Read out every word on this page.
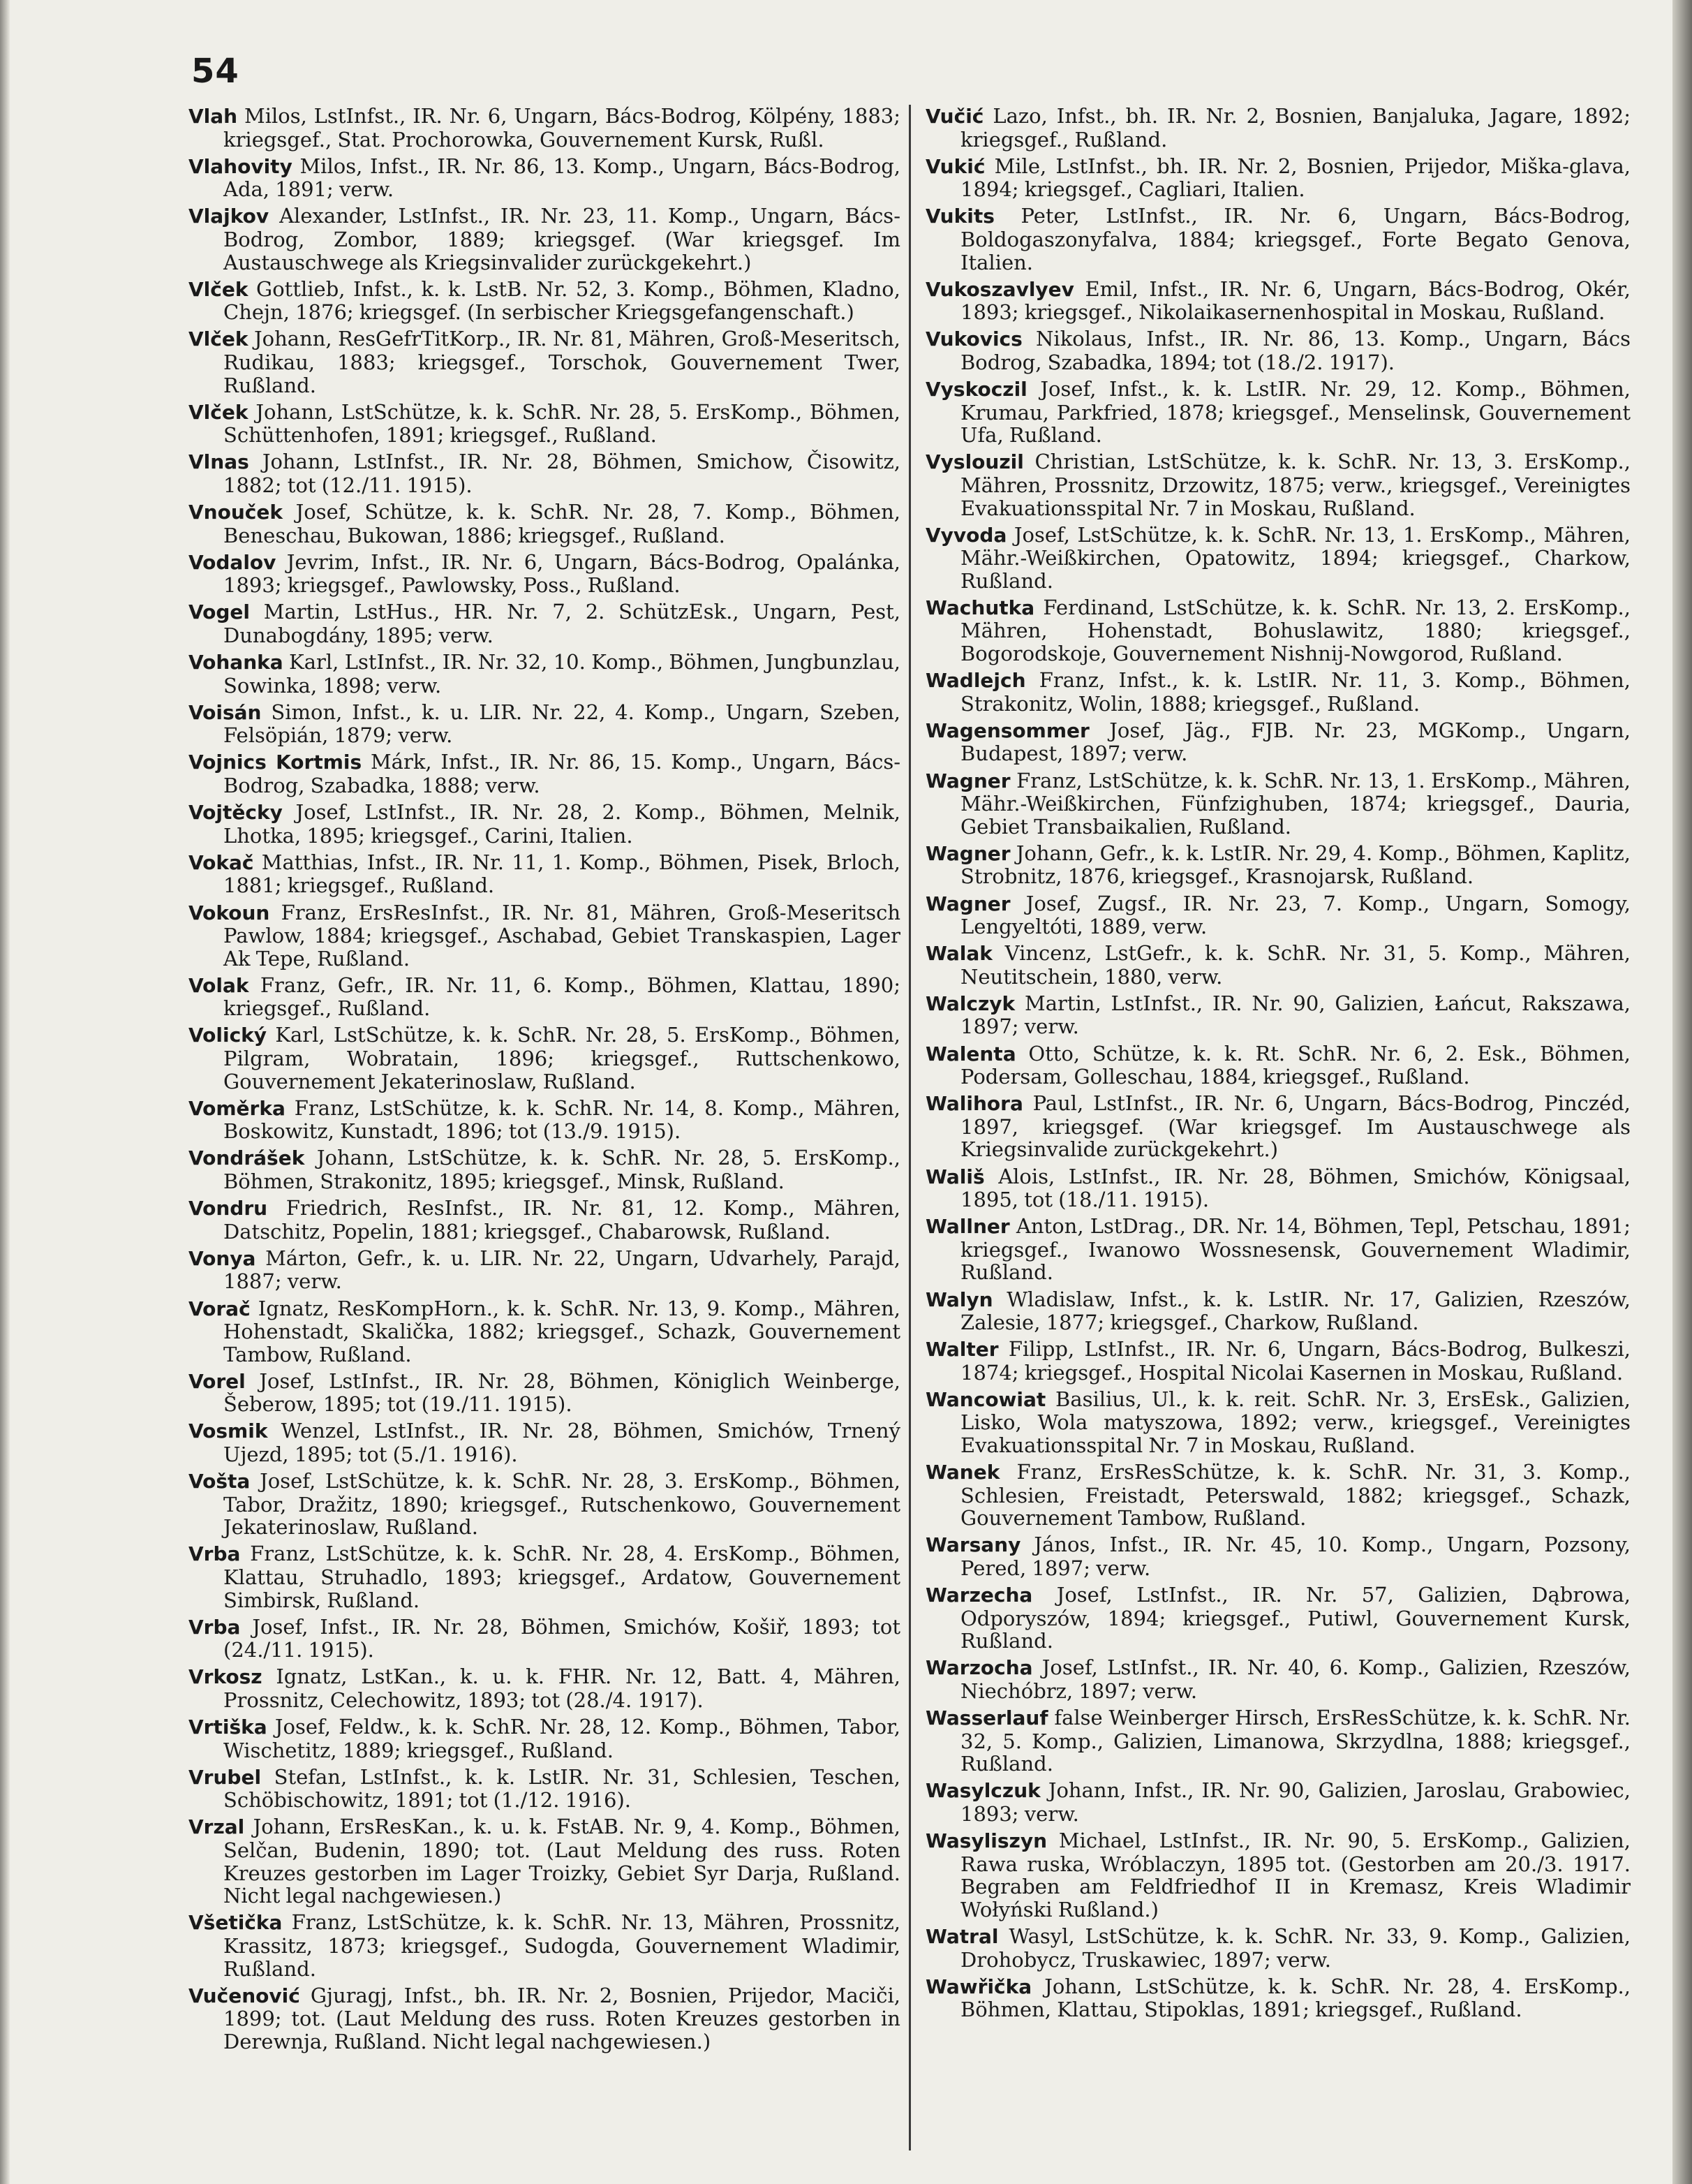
54

Vlah Milos, LstInfst., IR. Nr. 6, Ungarn, Bács-Bodrog, Kölpény, 1883; kriegsgef., Stat. Prochorowka, Gouvernement Kursk, Rußl.

Vlahovity Milos, Infst., IR. Nr. 86, 13. Komp., Ungarn, Bács-Bodrog, Ada, 1891; verw.

Vlajkov Alexander, LstInfst., IR. Nr. 23, 11. Komp., Ungarn, Bács-Bodrog, Zombor, 1889; kriegsgef. (War kriegsgef. Im Austauschwege als Kriegsinvalider zurückgekehrt.)

Vlček Gottlieb, Infst., k. k. LstB. Nr. 52, 3. Komp., Böhmen, Kladno, Chejn, 1876; kriegsgef. (In serbischer Kriegsgefangenschaft.)

Vlček Johann, ResGefrTitKorp., IR. Nr. 81, Mähren, Groß-Meseritsch, Rudikau, 1883; kriegsgef., Torschok, Gouvernement Twer, Rußland.

Vlček Johann, LstSchütze, k. k. SchR. Nr. 28, 5. ErsKomp., Böhmen, Schüttenhofen, 1891; kriegsgef., Rußland.

Vlnas Johann, LstInfst., IR. Nr. 28, Böhmen, Smichow, Čisowitz, 1882; tot (12./11. 1915).

Vnouček Josef, Schütze, k. k. SchR. Nr. 28, 7. Komp., Böhmen, Beneschau, Bukowan, 1886; kriegsgef., Rußland.

Vodalov Jevrim, Infst., IR. Nr. 6, Ungarn, Bács-Bodrog, Opalánka, 1893; kriegsgef., Pawlowsky, Poss., Rußland.

Vogel Martin, LstHus., HR. Nr. 7, 2. SchützEsk., Ungarn, Pest, Dunabogdány, 1895; verw.

Vohanka Karl, LstInfst., IR. Nr. 32, 10. Komp., Böhmen, Jungbunzlau, Sowinka, 1898; verw.

Voisán Simon, Infst., k. u. LIR. Nr. 22, 4. Komp., Ungarn, Szeben, Felsöpián, 1879; verw.

Vojnics Kortmis Márk, Infst., IR. Nr. 86, 15. Komp., Ungarn, Bács-Bodrog, Szabadka, 1888; verw.

Vojtěcky Josef, LstInfst., IR. Nr. 28, 2. Komp., Böhmen, Melnik, Lhotka, 1895; kriegsgef., Carini, Italien.

Vokač Matthias, Infst., IR. Nr. 11, 1. Komp., Böhmen, Pisek, Brloch, 1881; kriegsgef., Rußland.

Vokoun Franz, ErsResInfst., IR. Nr. 81, Mähren, Groß-Meseritsch Pawlow, 1884; kriegsgef., Aschabad, Gebiet Transkaspien, Lager Ak Tepe, Rußland.

Volak Franz, Gefr., IR. Nr. 11, 6. Komp., Böhmen, Klattau, 1890; kriegsgef., Rußland.

Volický Karl, LstSchütze, k. k. SchR. Nr. 28, 5. ErsKomp., Böhmen, Pilgram, Wobratain, 1896; kriegsgef., Ruttschenkowo, Gouvernement Jekaterinoslaw, Rußland.

Voměrka Franz, LstSchütze, k. k. SchR. Nr. 14, 8. Komp., Mähren, Boskowitz, Kunstadt, 1896; tot (13./9. 1915).

Vondrášek Johann, LstSchütze, k. k. SchR. Nr. 28, 5. ErsKomp., Böhmen, Strakonitz, 1895; kriegsgef., Minsk, Rußland.

Vondru Friedrich, ResInfst., IR. Nr. 81, 12. Komp., Mähren, Datschitz, Popelin, 1881; kriegsgef., Chabarowsk, Rußland.

Vonya Márton, Gefr., k. u. LIR. Nr. 22, Ungarn, Udvarhely, Parajd, 1887; verw.

Vorač Ignatz, ResKompHorn., k. k. SchR. Nr. 13, 9. Komp., Mähren, Hohenstadt, Skalička, 1882; kriegsgef., Schazk, Gouvernement Tambow, Rußland.

Vorel Josef, LstInfst., IR. Nr. 28, Böhmen, Königlich Weinberge, Šeberow, 1895; tot (19./11. 1915).

Vosmik Wenzel, LstInfst., IR. Nr. 28, Böhmen, Smichów, Trnený Ujezd, 1895; tot (5./1. 1916).

Vošta Josef, LstSchütze, k. k. SchR. Nr. 28, 3. ErsKomp., Böhmen, Tabor, Dražitz, 1890; kriegsgef., Rutschenkowo, Gouvernement Jekaterinoslaw, Rußland.

Vrba Franz, LstSchütze, k. k. SchR. Nr. 28, 4. ErsKomp., Böhmen, Klattau, Struhadlo, 1893; kriegsgef., Ardatow, Gouvernement Simbirsk, Rußland.

Vrba Josef, Infst., IR. Nr. 28, Böhmen, Smichów, Košiř, 1893; tot (24./11. 1915).

Vrkosz Ignatz, LstKan., k. u. k. FHR. Nr. 12, Batt. 4, Mähren, Prossnitz, Celechowitz, 1893; tot (28./4. 1917).

Vrtiška Josef, Feldw., k. k. SchR. Nr. 28, 12. Komp., Böhmen, Tabor, Wischetitz, 1889; kriegsgef., Rußland.

Vrubel Stefan, LstInfst., k. k. LstIR. Nr. 31, Schlesien, Teschen, Schöbischowitz, 1891; tot (1./12. 1916).

Vrzal Johann, ErsResKan., k. u. k. FstAB. Nr. 9, 4. Komp., Böhmen, Selčan, Budenin, 1890; tot. (Laut Meldung des russ. Roten Kreuzes gestorben im Lager Troizky, Gebiet Syr Darja, Rußland. Nicht legal nachgewiesen.)

Všetička Franz, LstSchütze, k. k. SchR. Nr. 13, Mähren, Prossnitz, Krassitz, 1873; kriegsgef., Sudogda, Gouvernement Wladimir, Rußland.

Vučenović Gjuragj, Infst., bh. IR. Nr. 2, Bosnien, Prijedor, Maciči, 1899; tot. (Laut Meldung des russ. Roten Kreuzes gestorben in Derewnja, Rußland. Nicht legal nachgewiesen.)

Vučić Lazo, Infst., bh. IR. Nr. 2, Bosnien, Banjaluka, Jagare, 1892; kriegsgef., Rußland.

Vukić Mile, LstInfst., bh. IR. Nr. 2, Bosnien, Prijedor, Miška-glava, 1894; kriegsgef., Cagliari, Italien.

Vukits Peter, LstInfst., IR. Nr. 6, Ungarn, Bács-Bodrog, Boldogaszonyfalva, 1884; kriegsgef., Forte Begato Genova, Italien.

Vukoszavlyev Emil, Infst., IR. Nr. 6, Ungarn, Bács-Bodrog, Okér, 1893; kriegsgef., Nikolaikasernenhospital in Moskau, Rußland.

Vukovics Nikolaus, Infst., IR. Nr. 86, 13. Komp., Ungarn, Bács Bodrog, Szabadka, 1894; tot (18./2. 1917).

Vyskoczil Josef, Infst., k. k. LstIR. Nr. 29, 12. Komp., Böhmen, Krumau, Parkfried, 1878; kriegsgef., Menselinsk, Gouvernement Ufa, Rußland.

Vyslouzil Christian, LstSchütze, k. k. SchR. Nr. 13, 3. ErsKomp., Mähren, Prossnitz, Drzowitz, 1875; verw., kriegsgef., Vereinigtes Evakuationsspital Nr. 7 in Moskau, Rußland.

Vyvoda Josef, LstSchütze, k. k. SchR. Nr. 13, 1. ErsKomp., Mähren, Mähr.-Weißkirchen, Opatowitz, 1894; kriegsgef., Charkow, Rußland.

Wachutka Ferdinand, LstSchütze, k. k. SchR. Nr. 13, 2. ErsKomp., Mähren, Hohenstadt, Bohuslawitz, 1880; kriegsgef., Bogorodskoje, Gouvernement Nishnij-Nowgorod, Rußland.

Wadlejch Franz, Infst., k. k. LstIR. Nr. 11, 3. Komp., Böhmen, Strakonitz, Wolin, 1888; kriegsgef., Rußland.

Wagensommer Josef, Jäg., FJB. Nr. 23, MGKomp., Ungarn, Budapest, 1897; verw.

Wagner Franz, LstSchütze, k. k. SchR. Nr. 13, 1. ErsKomp., Mähren, Mähr.-Weißkirchen, Fünfzighuben, 1874; kriegsgef., Dauria, Gebiet Transbaikalien, Rußland.

Wagner Johann, Gefr., k. k. LstIR. Nr. 29, 4. Komp., Böhmen, Kaplitz, Strobnitz, 1876, kriegsgef., Krasnojarsk, Rußland.

Wagner Josef, Zugsf., IR. Nr. 23, 7. Komp., Ungarn, Somogy, Lengyeltóti, 1889, verw.

Walak Vincenz, LstGefr., k. k. SchR. Nr. 31, 5. Komp., Mähren, Neutitschein, 1880, verw.

Walczyk Martin, LstInfst., IR. Nr. 90, Galizien, Łańcut, Rakszawa, 1897; verw.

Walenta Otto, Schütze, k. k. Rt. SchR. Nr. 6, 2. Esk., Böhmen, Podersam, Golleschau, 1884, kriegsgef., Rußland.

Walihora Paul, LstInfst., IR. Nr. 6, Ungarn, Bács-Bodrog, Pinczéd, 1897, kriegsgef. (War kriegsgef. Im Austauschwege als Kriegsinvalide zurückgekehrt.)

Wališ Alois, LstInfst., IR. Nr. 28, Böhmen, Smichów, Königsaal, 1895, tot (18./11. 1915).

Wallner Anton, LstDrag., DR. Nr. 14, Böhmen, Tepl, Petschau, 1891; kriegsgef., Iwanowo Wossnesensk, Gouvernement Wladimir, Rußland.

Walyn Wladislaw, Infst., k. k. LstIR. Nr. 17, Galizien, Rzeszów, Zalesie, 1877; kriegsgef., Charkow, Rußland.

Walter Filipp, LstInfst., IR. Nr. 6, Ungarn, Bács-Bodrog, Bulkeszi, 1874; kriegsgef., Hospital Nicolai Kasernen in Moskau, Rußland.

Wancowiat Basilius, Ul., k. k. reit. SchR. Nr. 3, ErsEsk., Galizien, Lisko, Wola matyszowa, 1892; verw., kriegsgef., Vereinigtes Evakuationsspital Nr. 7 in Moskau, Rußland.

Wanek Franz, ErsResSchütze, k. k. SchR. Nr. 31, 3. Komp., Schlesien, Freistadt, Peterswald, 1882; kriegsgef., Schazk, Gouvernement Tambow, Rußland.

Warsany János, Infst., IR. Nr. 45, 10. Komp., Ungarn, Pozsony, Pered, 1897; verw.

Warzecha Josef, LstInfst., IR. Nr. 57, Galizien, Dąbrowa, Odporyszów, 1894; kriegsgef., Putiwl, Gouvernement Kursk, Rußland.

Warzocha Josef, LstInfst., IR. Nr. 40, 6. Komp., Galizien, Rzeszów, Niechóbrz, 1897; verw.

Wasserlauf false Weinberger Hirsch, ErsResSchütze, k. k. SchR. Nr. 32, 5. Komp., Galizien, Limanowa, Skrzydlna, 1888; kriegsgef., Rußland.

Wasylczuk Johann, Infst., IR. Nr. 90, Galizien, Jaroslau, Grabowiec, 1893; verw.

Wasyliszyn Michael, LstInfst., IR. Nr. 90, 5. ErsKomp., Galizien, Rawa ruska, Wróblaczyn, 1895 tot. (Gestorben am 20./3. 1917. Begraben am Feldfriedhof II in Kremasz, Kreis Wladimir Wołyński Rußland.)

Watral Wasyl, LstSchütze, k. k. SchR. Nr. 33, 9. Komp., Galizien, Drohobycz, Truskawiec, 1897; verw.

Wawřička Johann, LstSchütze, k. k. SchR. Nr. 28, 4. ErsKomp., Böhmen, Klattau, Stipoklas, 1891; kriegsgef., Rußland.
